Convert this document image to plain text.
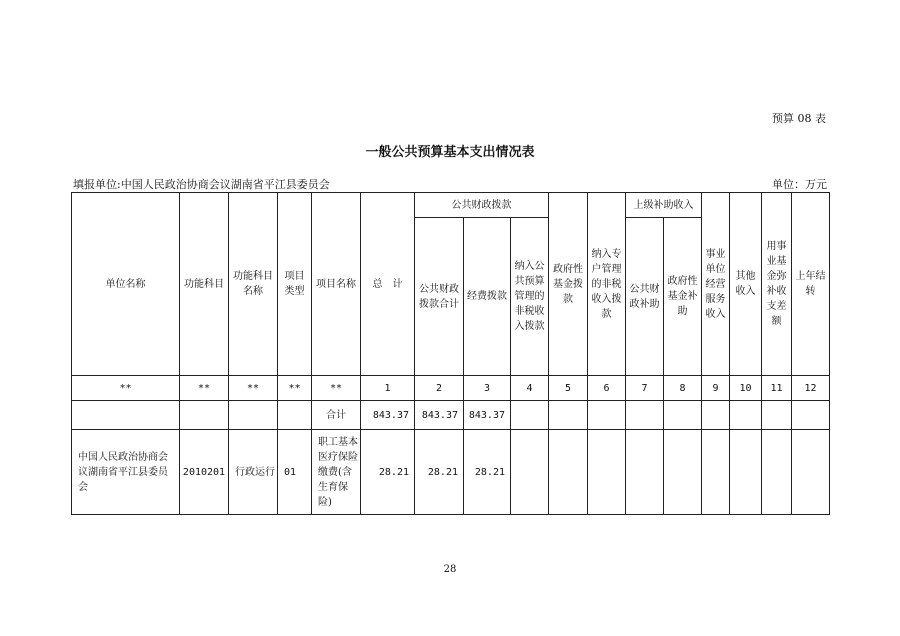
预算 08 表
一般公共预算基本支出情况表
填报单位:中国人民政治协商会议湖南省平江县委员会	单位：万元
单位名称	功能科目	功能科目名称	项目类型	项目名称	总　计	公共财政拨款			政府性基金拨款	纳入专户管理的非税收入拨款	上级补助收入		事业单位经营服务收入	其他收入	用事业基金弥补收支差额	上年结转
						公共财政拨款合计	经费拨款	纳入公共预算管理的非税收入拨款			公共财政补助	政府性基金补助				
**	**	**	**	**	1	2	3	4	5	6	7	8	9	10	11	12
				合计	843.37	843.37	843.37									
中国人民政治协商会议湖南省平江县委员会	2010201	行政运行	01	职工基本医疗保险缴费(含生育保险)	28.21	28.21	28.21									
28
